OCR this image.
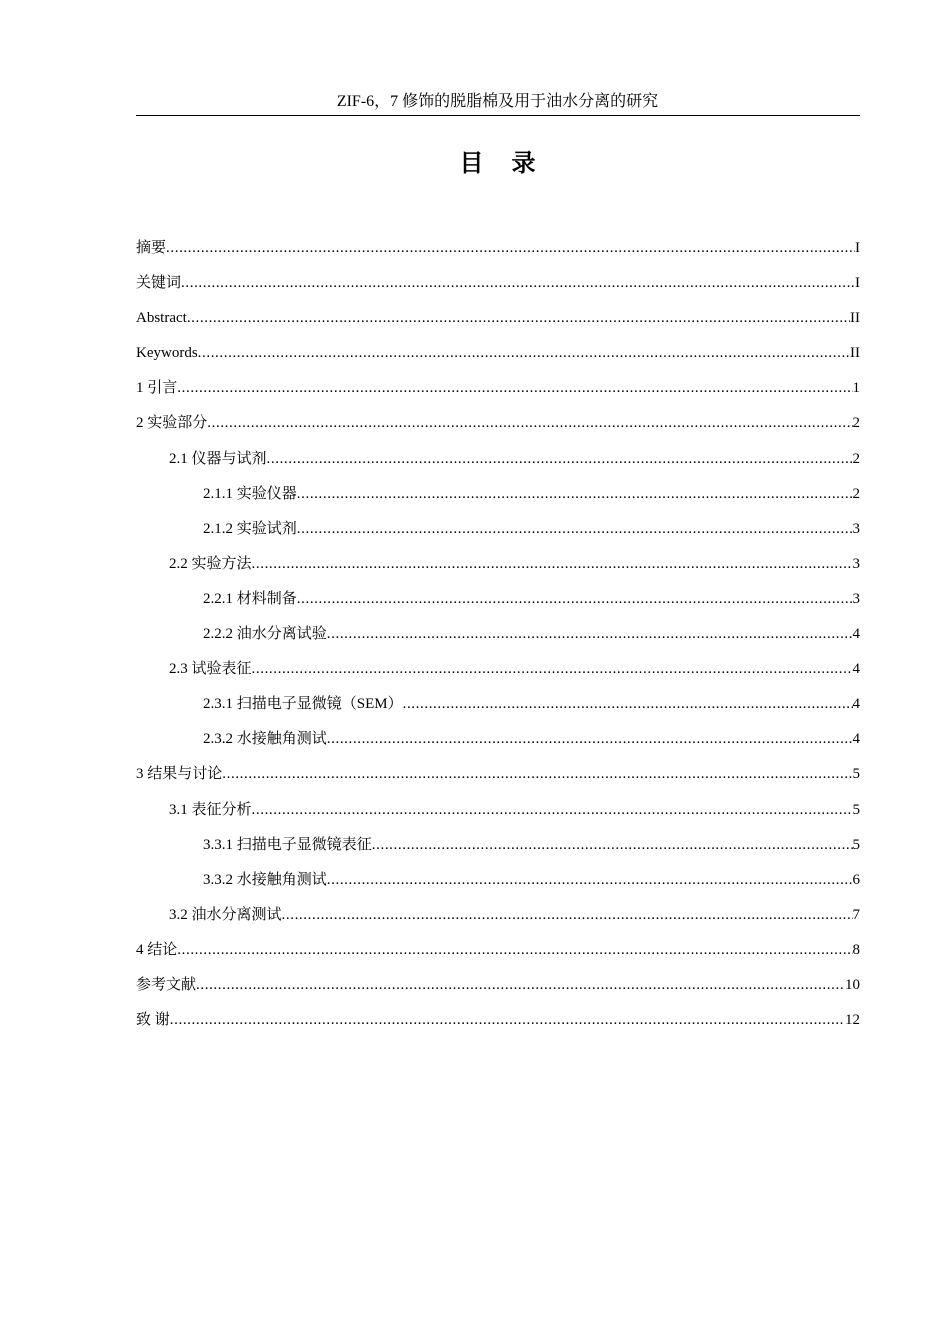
ZIF-6，7 修饰的脱脂棉及用于油水分离的研究
目录
摘要 .....	I
关键词 .....	I
Abstract .....	II
Keywords .....	II
1 引言 .....	1
2 实验部分 .....	2
2.1 仪器与试剂 .....	2
2.1.1 实验仪器 .....	2
2.1.2 实验试剂 .....	3
2.2 实验方法 .....	3
2.2.1 材料制备 .....	3
2.2.2 油水分离试验 .....	4
2.3 试验表征 .....	4
2.3.1 扫描电子显微镜（SEM） .....	4
2.3.2 水接触角测试 .....	4
3 结果与讨论 .....	5
3.1 表征分析 .....	5
3.3.1 扫描电子显微镜表征 .....	5
3.3.2 水接触角测试 .....	6
3.2 油水分离测试 .....	7
4 结论 .....	8
参考文献 .....	10
致 谢 .....	12
